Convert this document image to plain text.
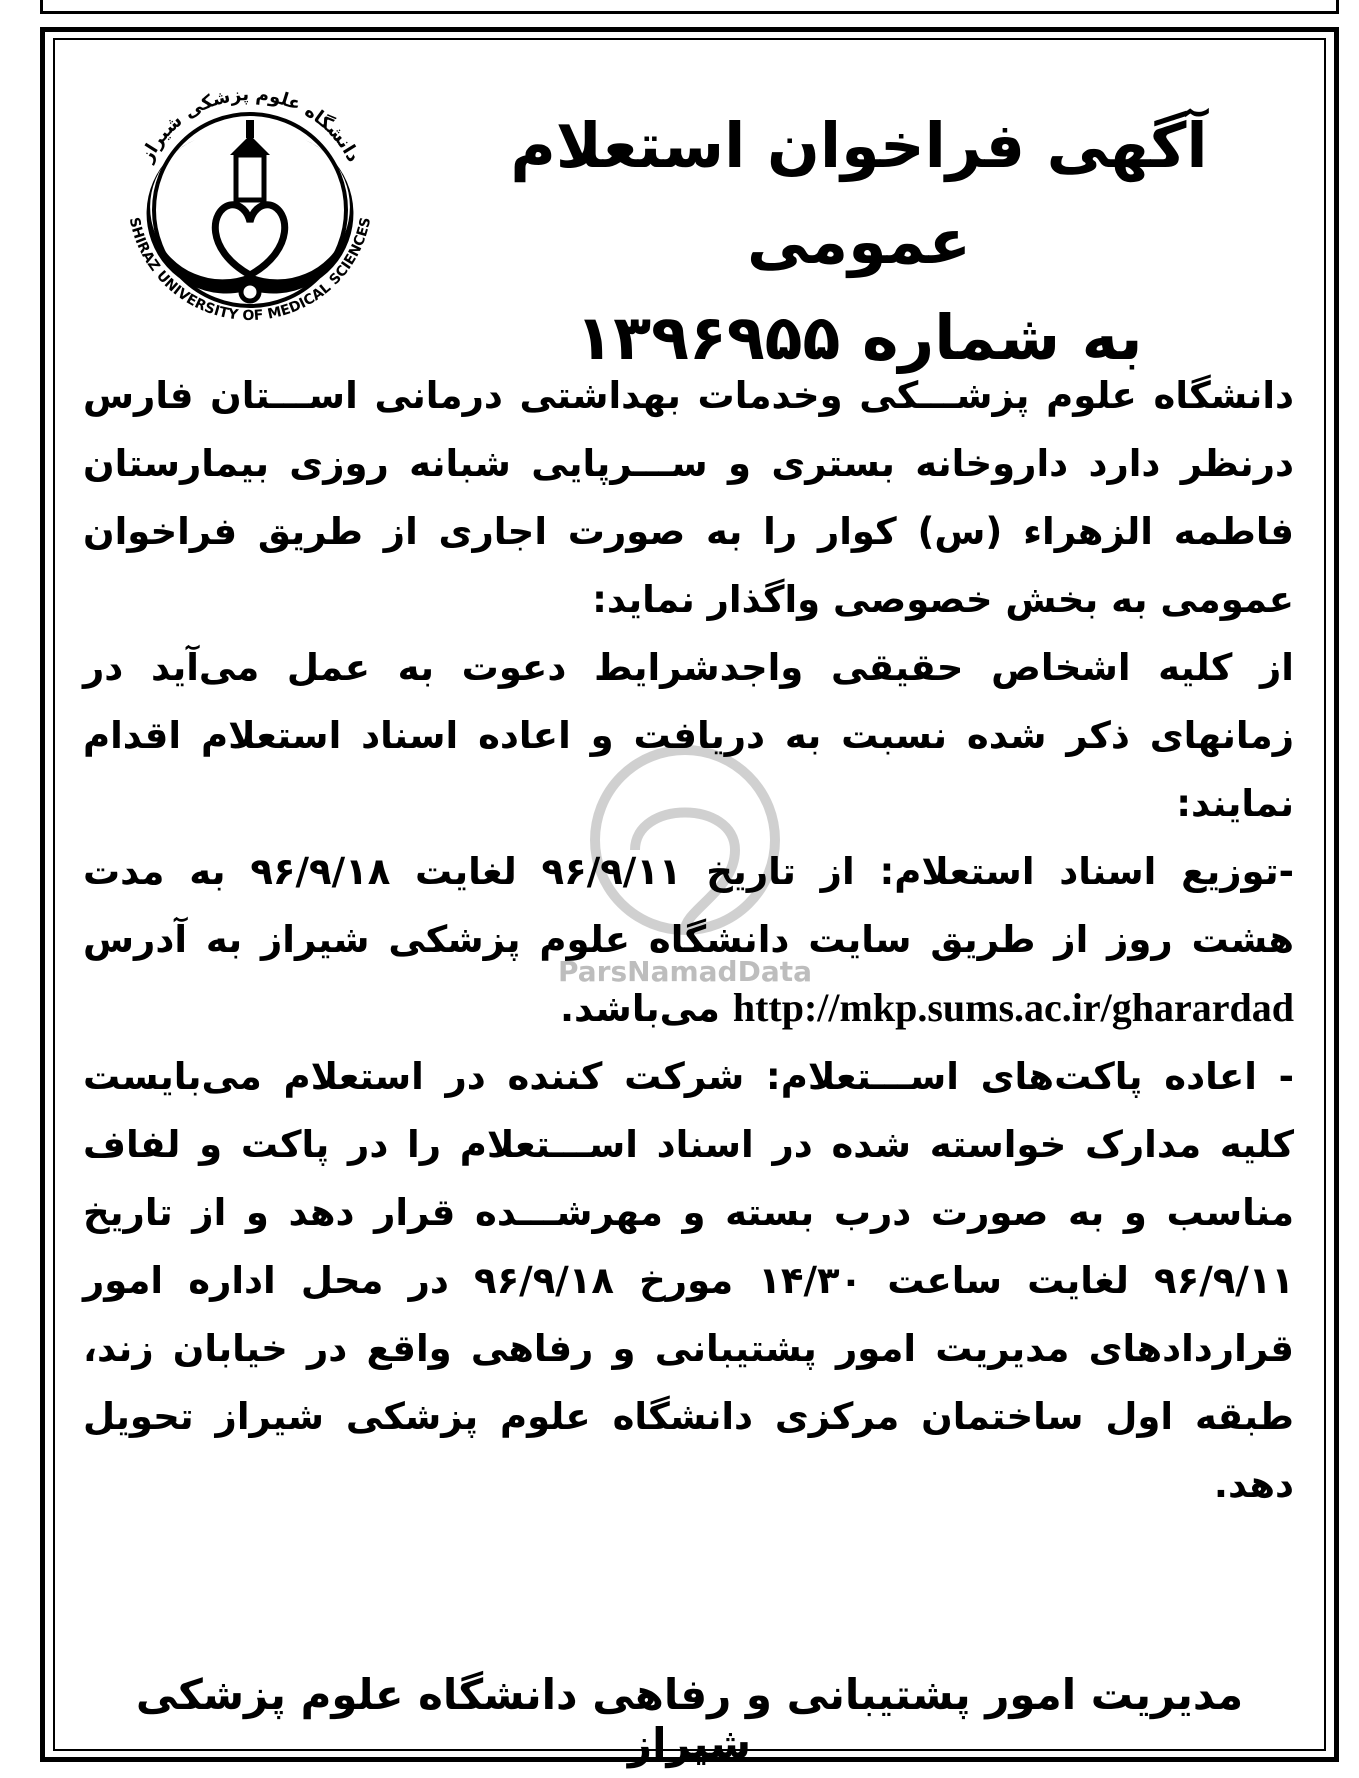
دانشگاه علوم پزشکی شیراز
SHIRAZ UNIVERSITY OF MEDICAL SCIENCES
آگهی فراخوان استعلام عمومی
به شماره ۱۳۹۶۹۵۵
ParsNamadData

دانشگاه علوم پزشـــکی وخدمات بهداشتی درمانی اســـتان فارس درنظر دارد داروخانه بستری و ســـرپایی شبانه روزی بیمارستان فاطمه الزهراء (س) کوار را به صورت اجاری از طریق فراخوان عمومی به بخش خصوصی واگذار نماید:

از کلیه اشخاص حقیقی واجدشرایط دعوت به عمل می‌آید در زمانهای ذکر شده نسبت به دریافت و اعاده اسناد استعلام اقدام نمایند:

-توزیع اسناد استعلام: از تاریخ ۹۶/۹/۱۱ لغایت ۹۶/۹/۱۸ به مدت هشت روز از طریق سایت دانشگاه علوم پزشکی شیراز به آدرس http://mkp.sums.ac.ir/gharardad می‌باشد.

- اعاده پاکت‌های اســـتعلام: شرکت کننده در استعلام می‌بایست کلیه مدارک خواسته شده در اسناد اســـتعلام را در پاکت و لفاف مناسب و به صورت درب بسته و مهرشـــده قرار دهد و از تاریخ ۹۶/۹/۱۱ لغایت ساعت ۱۴/۳۰ مورخ ۹۶/۹/۱۸ در محل اداره امور قراردادهای مدیریت امور پشتیبانی و رفاهی واقع در خیابان زند، طبقه اول ساختمان مرکزی دانشگاه علوم پزشکی شیراز تحویل دهد.

مدیریت امور پشتیبانی و رفاهی دانشگاه علوم پزشکی شیراز
